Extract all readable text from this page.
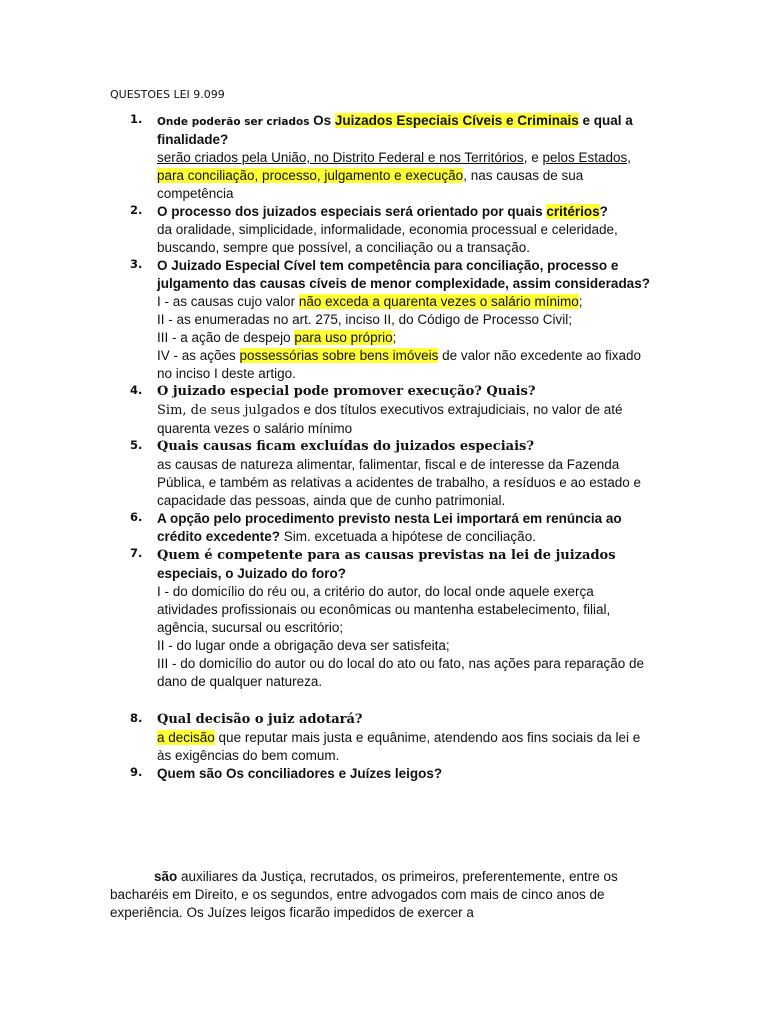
QUESTOES LEI 9.099
1. Onde poderão ser criados Os Juizados Especiais Cíveis e Criminais e qual a finalidade?
serão criados pela União, no Distrito Federal e nos Territórios, e pelos Estados, para conciliação, processo, julgamento e execução, nas causas de sua competência
2. O processo dos juizados especiais será orientado por quais critérios?
da oralidade, simplicidade, informalidade, economia processual e celeridade, buscando, sempre que possível, a conciliação ou a transação.
3. O Juizado Especial Cível tem competência para conciliação, processo e julgamento das causas cíveis de menor complexidade, assim consideradas?
I - as causas cujo valor não exceda a quarenta vezes o salário mínimo;
II - as enumeradas no art. 275, inciso II, do Código de Processo Civil;
III - a ação de despejo para uso próprio;
IV - as ações possessórias sobre bens imóveis de valor não excedente ao fixado no inciso I deste artigo.
4. O juizado especial pode promover execução? Quais?
Sim, de seus julgados e dos títulos executivos extrajudiciais, no valor de até quarenta vezes o salário mínimo
5. Quais causas ficam excluídas do juizados especiais?
as causas de natureza alimentar, falimentar, fiscal e de interesse da Fazenda Pública, e também as relativas a acidentes de trabalho, a resíduos e ao estado e capacidade das pessoas, ainda que de cunho patrimonial.
6. A opção pelo procedimento previsto nesta Lei importará em renúncia ao crédito excedente? Sim. excetuada a hipótese de conciliação.
7. Quem é competente para as causas previstas na lei de juizados especiais, o Juizado do foro?
I - do domicílio do réu ou, a critério do autor, do local onde aquele exerça atividades profissionais ou econômicas ou mantenha estabelecimento, filial, agência, sucursal ou escritório;
II - do lugar onde a obrigação deva ser satisfeita;
III - do domicílio do autor ou do local do ato ou fato, nas ações para reparação de dano de qualquer natureza.
8. Qual decisão o juiz adotará?
a decisão que reputar mais justa e equânime, atendendo aos fins sociais da lei e às exigências do bem comum.
9. Quem são Os conciliadores e Juízes leigos?
são auxiliares da Justiça, recrutados, os primeiros, preferentemente, entre os bacharéis em Direito, e os segundos, entre advogados com mais de cinco anos de experiência. Os Juízes leigos ficarão impedidos de exercer a
